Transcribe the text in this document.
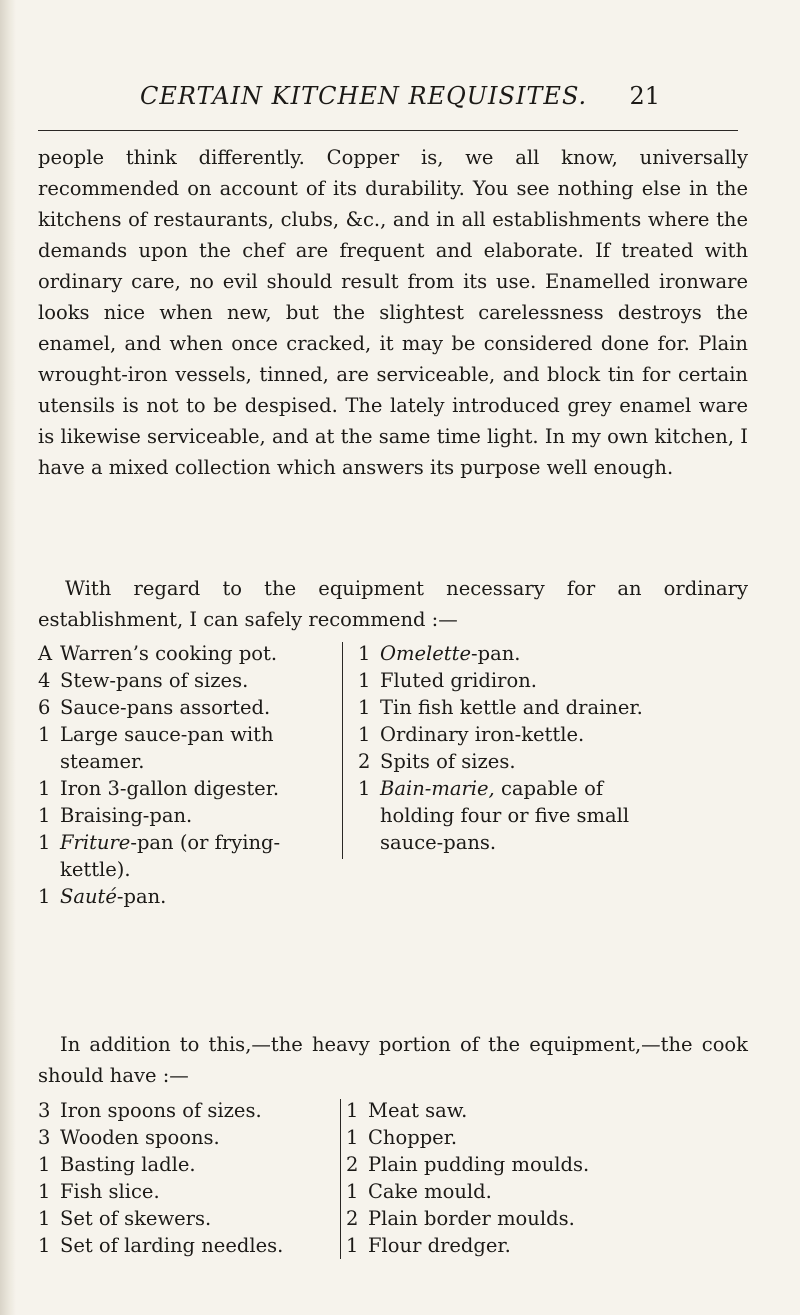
CERTAIN KITCHEN REQUISITES. 21

people think differently. Copper is, we all know, universally recommended on account of its durability. You see nothing else in the kitchens of restaurants, clubs, &c., and in all establishments where the demands upon the chef are frequent and elaborate. If treated with ordinary care, no evil should result from its use. Enamelled ironware looks nice when new, but the slightest carelessness destroys the enamel, and when once cracked, it may be considered done for. Plain wrought-iron vessels, tinned, are serviceable, and block tin for certain utensils is not to be despised. The lately introduced grey enamel ware is likewise serviceable, and at the same time light. In my own kitchen, I have a mixed collection which answers its purpose well enough.

With regard to the equipment necessary for an ordinary establishment, I can safely recommend :—

A Warren’s cooking pot.
4 Stew-pans of sizes.
6 Sauce-pans assorted.
1 Large sauce-pan with steamer.
1 Iron 3-gallon digester.
1 Braising-pan.
1 Friture-pan (or frying-kettle).
1 Sauté-pan.
1 Omelette-pan.
1 Fluted gridiron.
1 Tin fish kettle and drainer.
1 Ordinary iron-kettle.
2 Spits of sizes.
1 Bain-marie, capable of holding four or five small sauce-pans.

In addition to this,—the heavy portion of the equipment,—the cook should have :—

3 Iron spoons of sizes.
3 Wooden spoons.
1 Basting ladle.
1 Fish slice.
1 Set of skewers.
1 Set of larding needles.
1 Meat saw.
1 Chopper.
2 Plain pudding moulds.
1 Cake mould.
2 Plain border moulds.
1 Flour dredger.
